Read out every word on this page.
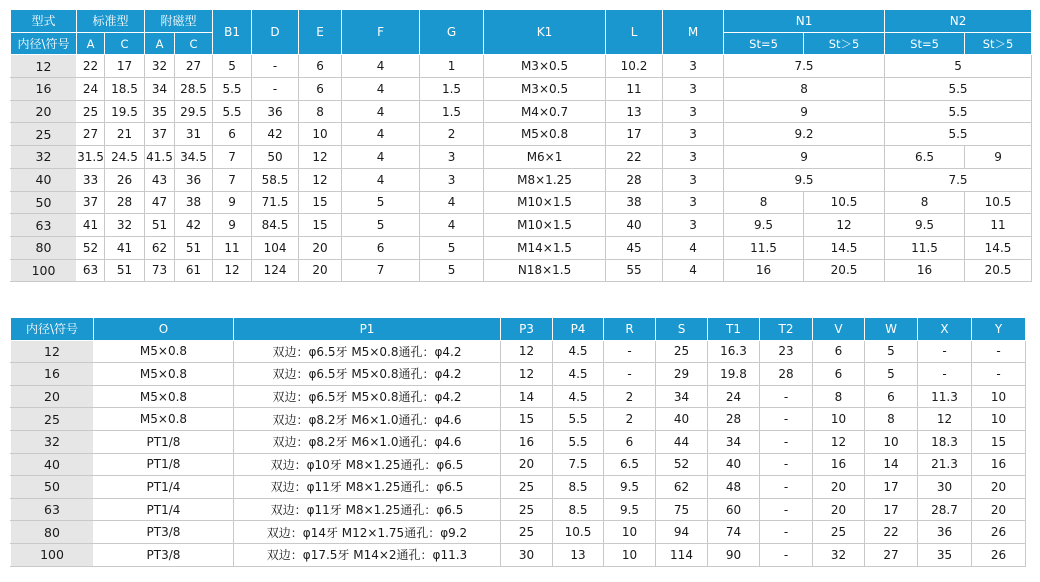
型式	标准型		附磁型		B1	D	E	F	G	K1	L	M	N1		N2	
内径\符号	A	C	A	C									St=5	St＞5	St=5	St＞5
12	22	17	32	27	5	-	6	4	1	M3×0.5	10.2	3	7.5		5	
16	24	18.5	34	28.5	5.5	-	6	4	1.5	M3×0.5	11	3	8		5.5	
20	25	19.5	35	29.5	5.5	36	8	4	1.5	M4×0.7	13	3	9		5.5	
25	27	21	37	31	6	42	10	4	2	M5×0.8	17	3	9.2		5.5	
32	31.5	24.5	41.5	34.5	7	50	12	4	3	M6×1	22	3	9		6.5	9
40	33	26	43	36	7	58.5	12	4	3	M8×1.25	28	3	9.5		7.5	
50	37	28	47	38	9	71.5	15	5	4	M10×1.5	38	3	8	10.5	8	10.5
63	41	32	51	42	9	84.5	15	5	4	M10×1.5	40	3	9.5	12	9.5	11
80	52	41	62	51	11	104	20	6	5	M14×1.5	45	4	11.5	14.5	11.5	14.5
100	63	51	73	61	12	124	20	7	5	N18×1.5	55	4	16	20.5	16	20.5
内径\符号	O	P1	P3	P4	R	S	T1	T2	V	W	X	Y
12	M5×0.8	双边：φ6.5牙 M5×0.8通孔：φ4.2	12	4.5	-	25	16.3	23	6	5	-	-
16	M5×0.8	双边：φ6.5牙 M5×0.8通孔：φ4.2	12	4.5	-	29	19.8	28	6	5	-	-
20	M5×0.8	双边：φ6.5牙 M5×0.8通孔：φ4.2	14	4.5	2	34	24	-	8	6	11.3	10
25	M5×0.8	双边：φ8.2牙 M6×1.0通孔：φ4.6	15	5.5	2	40	28	-	10	8	12	10
32	PT1/8	双边：φ8.2牙 M6×1.0通孔：φ4.6	16	5.5	6	44	34	-	12	10	18.3	15
40	PT1/8	双边：φ10牙 M8×1.25通孔：φ6.5	20	7.5	6.5	52	40	-	16	14	21.3	16
50	PT1/4	双边：φ11牙 M8×1.25通孔：φ6.5	25	8.5	9.5	62	48	-	20	17	30	20
63	PT1/4	双边：φ11牙 M8×1.25通孔：φ6.5	25	8.5	9.5	75	60	-	20	17	28.7	20
80	PT3/8	双边：φ14牙 M12×1.75通孔：φ9.2	25	10.5	10	94	74	-	25	22	36	26
100	PT3/8	双边：φ17.5牙 M14×2通孔：φ11.3	30	13	10	114	90	-	32	27	35	26
